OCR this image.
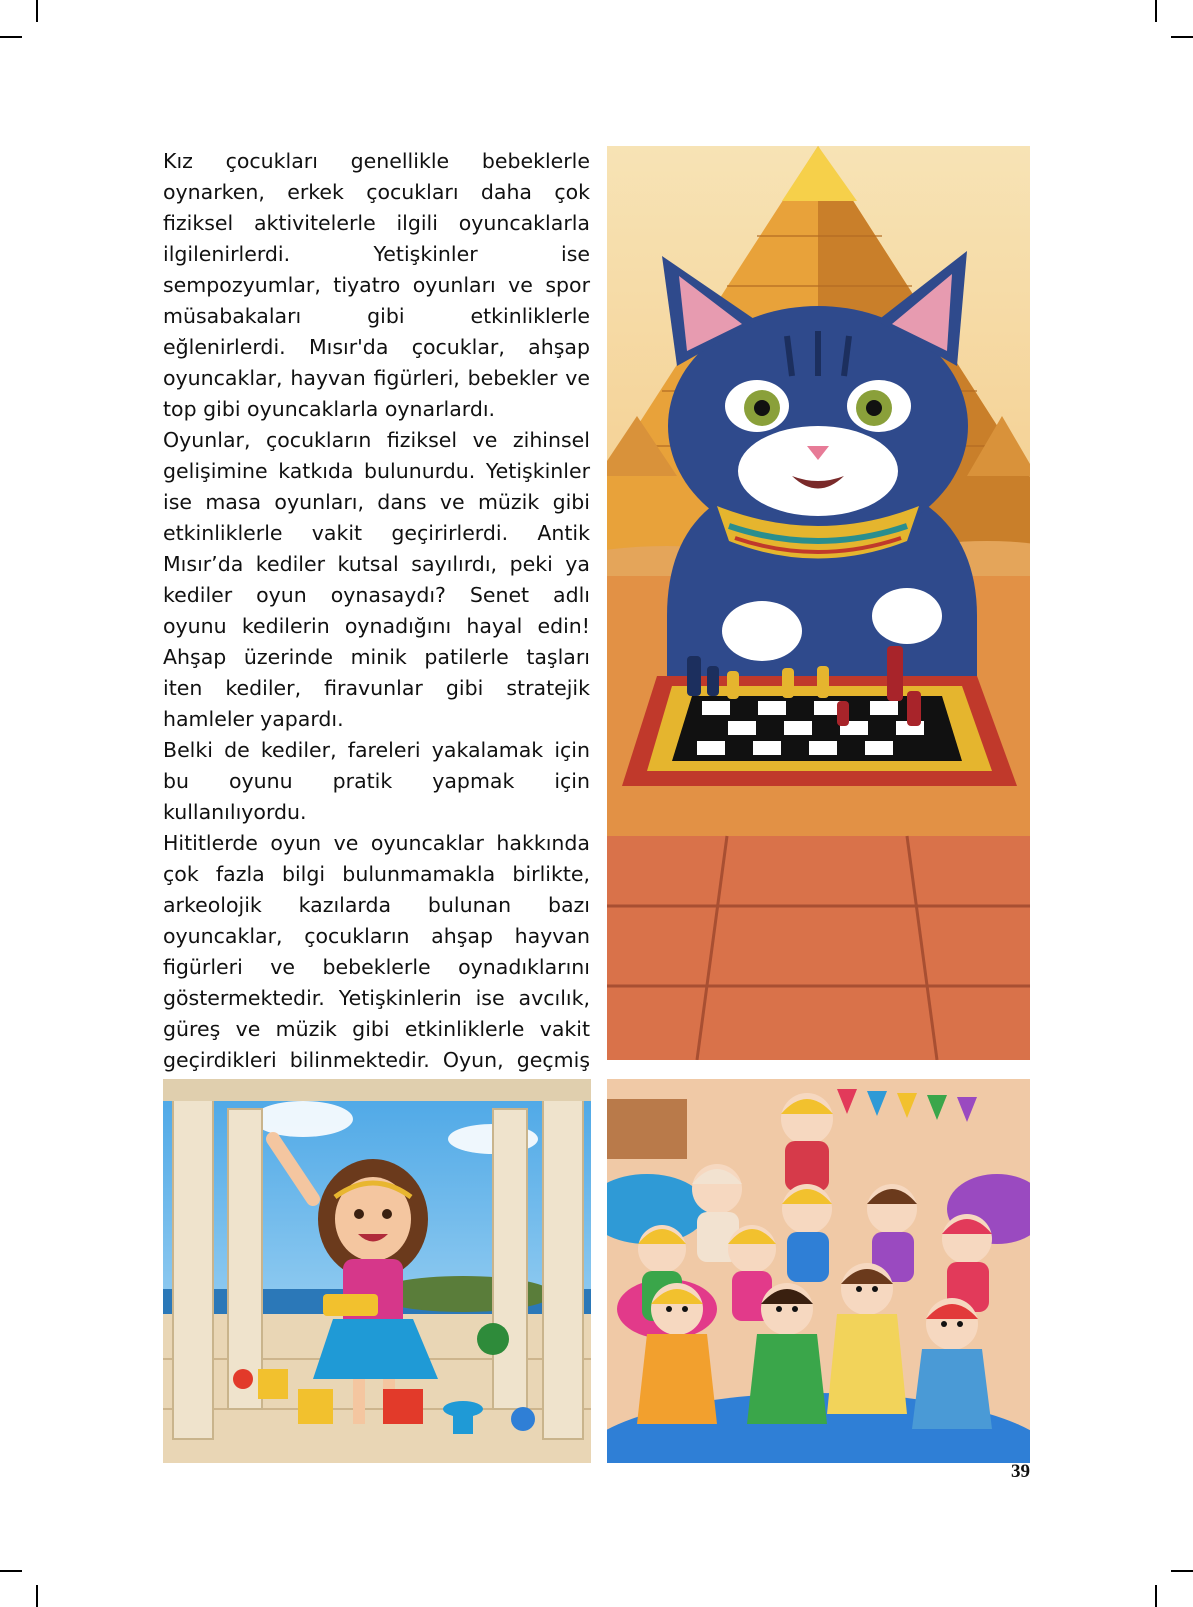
Kız çocukları genellikle bebeklerle oynarken, erkek çocukları daha çok fiziksel aktivitelerle ilgili oyuncaklarla ilgilenirlerdi. Yetişkinler ise sempozyumlar, tiyatro oyunları ve spor müsabakaları gibi etkinliklerle eğlenirlerdi. Mısır'da çocuklar, ahşap oyuncaklar, hayvan figürleri, bebekler ve top gibi oyuncaklarla oynarlardı.

Oyunlar, çocukların fiziksel ve zihinsel gelişimine katkıda bulunurdu. Yetişkinler ise masa oyunları, dans ve müzik gibi etkinliklerle vakit geçirirlerdi. Antik Mısır’da kediler kutsal sayılırdı, peki ya kediler oyun oynasaydı? Senet adlı oyunu kedilerin oynadığını hayal edin! Ahşap üzerinde minik patilerle taşları iten kediler, firavunlar gibi stratejik hamleler yapardı.

Belki de kediler, fareleri yakalamak için bu oyunu pratik yapmak için kullanılıyordu.

Hititlerde oyun ve oyuncaklar hakkında çok fazla bilgi bulunmamakla birlikte, arkeolojik kazılarda bulunan bazı oyuncaklar, çocukların ahşap hayvan figürleri ve bebeklerle oynadıklarını göstermektedir. Yetişkinlerin ise avcılık, güreş ve müzik gibi etkinliklerle vakit geçirdikleri bilinmektedir. Oyun, geçmiş

39
